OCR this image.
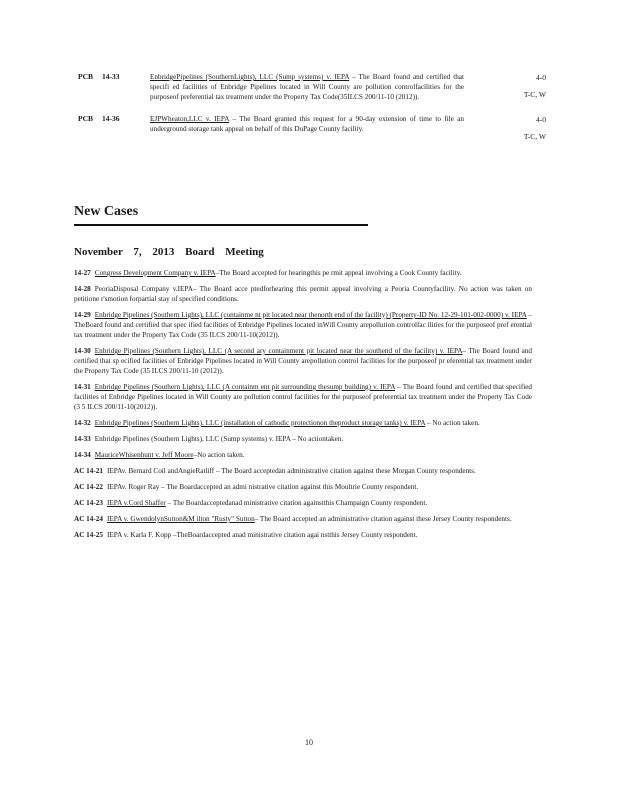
PCB 14-33	EnbridgePipelines (SouthernLights), LLC (Sump systems) v. IEPA – The Board found and certified that specifi ed facilities of Enbridge Pipelines located in Will County are pollution controlfacilities for the purposeof preferential tax treatment under the Property Tax Code(35ILCS 200/11-10 (2012)).
4-0
T-C, W
PCB 14-36	EJPWheaton,LLC v. IEPA – The Board granted this request for a 90-day extension of time to file an underground storage tank appeal on behalf of this DuPage County facility.
4-0
T-C, W
New Cases
November 7, 2013 Board Meeting
14-27 Congress Development Company v. IEPA–The Board accepted for hearingthis pe rmit appeal involving a Cook County facility.
14-28 PeoriaDisposal Company v.IEPA– The Board acce ptedforhearing this permit appeal involving a Peoria Countyfacility. No action was taken on petitione r'smotion forpartial stay of specified conditions.
14-29 Enbridge Pipelines (Southern Lights), LLC (containme nt pit located near thenorth end of the facility) (Property-ID No. 12-29-101-002-0000) v. IEPA – TheBoard found and certified that spec ified facilities of Enbridge Pipelines located inWill County arepollution controlfac ilities for the purposeof pref erential tax treatment under the Property Tax Code (35 ILCS 200/11-10(2012)).
14-30 Enbridge Pipelines (Southern Lights), LLC (A second ary containment pit located near the southend of the facility) v. IEPA– The Board found and certified that sp ecified facilities of Enbridge Pipelines located in Will County arepollution control facilities for the purposeof pr eferential tax treatment under the Property Tax Code (35 ILCS 200/11-10 (2012)).
14-31 Enbridge Pipelines (Southern Lights), LLC (A containm ent pit surrounding thesump building) v. IEPA – The Board found and certified that specified facilities of Enbridge Pipelines located in Will County are pollution control facilities for the purposeof preferential tax treatment under the Property Tax Code (3 5 ILCS 200/11-10(2012)).
14-32 Enbridge Pipelines (Southern Lights), LLC (installation of cathodic protectionon theproduct storage tanks) v. IEPA – No action taken.
14-33 Enbridge Pipelines (Southern Lights), LLC (Sump systems) v. IEPA – No actiontaken.
14-34 MauriceWhisenhunt v. Jeff Moore–No action taken.
AC 14-21 IEPAv. Bernard Coil andAngieRatliff – The Board acceptedan administrative citation against these Morgan County respondents.
AC 14-22 IEPAv. Roger Ray – The Boardaccepted an admi nistrative citation against this Moultrie County respondent.
AC 14-23 IEPA v.Cord Shaffer – The Boardacceptedanad ministrative citation againstthis Champaign County respondent.
AC 14-24 IEPA v. GwendolynSutton&M ilton "Rusty" Sutton– The Board accepted an administrative citation against these Jersey County respondents.
AC 14-25 IEPA v. Karla F. Kopp –TheBoardaccepted anad ministrative citation agai nstthis Jersey County respondent.
10
